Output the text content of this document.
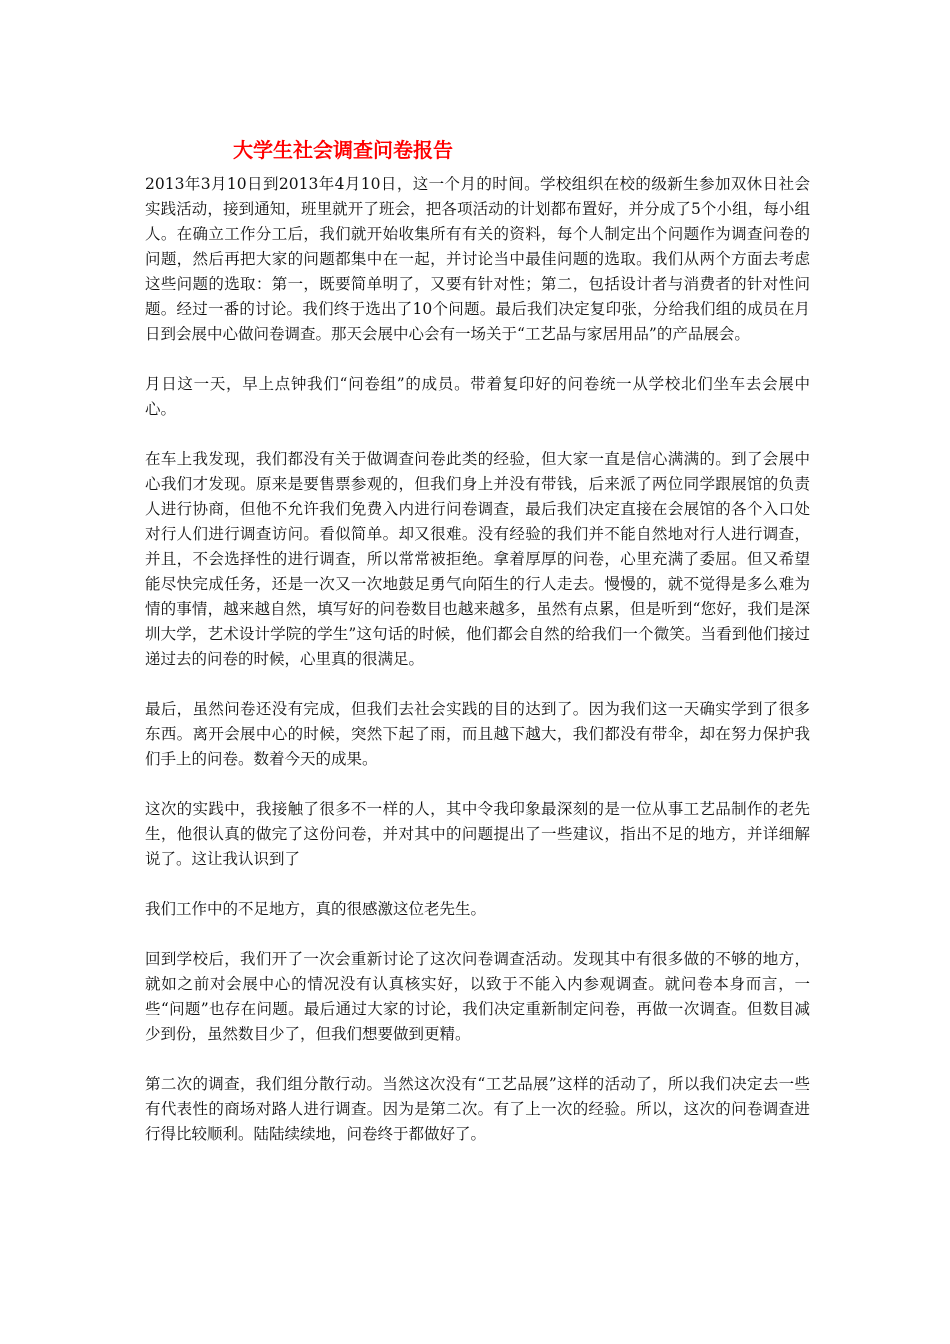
大学生社会调查问卷报告

2013年3月10日到2013年4月10日，这一个月的时间。学校组织在校的级新生参加双休日社会实践活动，接到通知，班里就开了班会，把各项活动的计划都布置好，并分成了5个小组，每小组人。在确立工作分工后，我们就开始收集所有有关的资料，每个人制定出个问题作为调查问卷的问题，然后再把大家的问题都集中在一起，并讨论当中最佳问题的选取。我们从两个方面去考虑这些问题的选取：第一，既要简单明了，又要有针对性；第二，包括设计者与消费者的针对性问题。经过一番的讨论。我们终于选出了10个问题。最后我们决定复印张，分给我们组的成员在月日到会展中心做问卷调查。那天会展中心会有一场关于“工艺品与家居用品”的产品展会。

月日这一天，早上点钟我们“问卷组”的成员。带着复印好的问卷统一从学校北们坐车去会展中心。

在车上我发现，我们都没有关于做调查问卷此类的经验，但大家一直是信心满满的。到了会展中心我们才发现。原来是要售票参观的，但我们身上并没有带钱，后来派了两位同学跟展馆的负责人进行协商，但他不允许我们免费入内进行问卷调查，最后我们决定直接在会展馆的各个入口处对行人们进行调查访问。看似简单。却又很难。没有经验的我们并不能自然地对行人进行调查，并且，不会选择性的进行调查，所以常常被拒绝。拿着厚厚的问卷，心里充满了委屈。但又希望能尽快完成任务，还是一次又一次地鼓足勇气向陌生的行人走去。慢慢的，就不觉得是多么难为情的事情，越来越自然，填写好的问卷数目也越来越多，虽然有点累，但是听到“您好，我们是深圳大学，艺术设计学院的学生”这句话的时候，他们都会自然的给我们一个微笑。当看到他们接过递过去的问卷的时候，心里真的很满足。

最后，虽然问卷还没有完成，但我们去社会实践的目的达到了。因为我们这一天确实学到了很多东西。离开会展中心的时候，突然下起了雨，而且越下越大，我们都没有带伞，却在努力保护我们手上的问卷。数着今天的成果。

这次的实践中，我接触了很多不一样的人，其中令我印象最深刻的是一位从事工艺品制作的老先生，他很认真的做完了这份问卷，并对其中的问题提出了一些建议，指出不足的地方，并详细解说了。这让我认识到了

我们工作中的不足地方，真的很感激这位老先生。

回到学校后，我们开了一次会重新讨论了这次问卷调查活动。发现其中有很多做的不够的地方，就如之前对会展中心的情况没有认真核实好，以致于不能入内参观调查。就问卷本身而言，一些“问题”也存在问题。最后通过大家的讨论，我们决定重新制定问卷，再做一次调查。但数目减少到份，虽然数目少了，但我们想要做到更精。

第二次的调查，我们组分散行动。当然这次没有“工艺品展”这样的活动了，所以我们决定去一些有代表性的商场对路人进行调查。因为是第二次。有了上一次的经验。所以，这次的问卷调查进行得比较顺利。陆陆续续地，问卷终于都做好了。
